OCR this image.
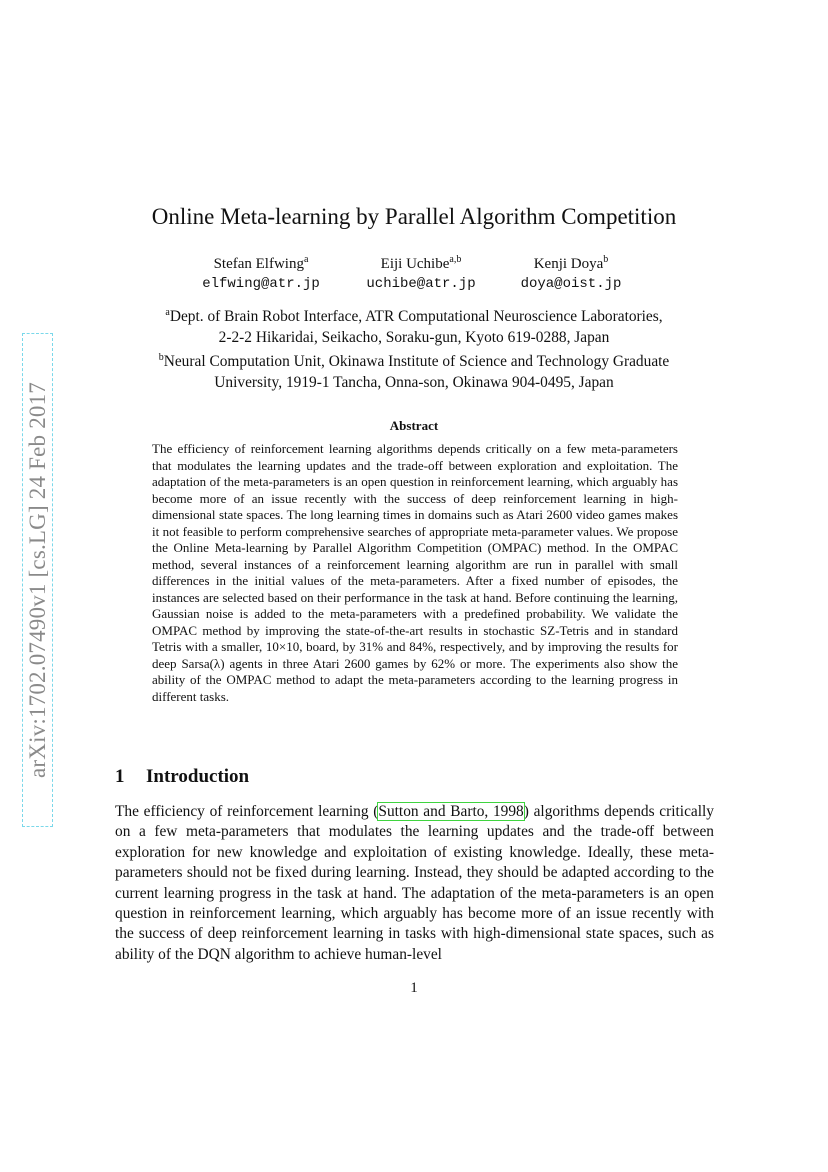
arXiv:1702.07490v1 [cs.LG] 24 Feb 2017
Online Meta-learning by Parallel Algorithm Competition
Stefan Elfwing$^a$
elfwing@atr.jp
Eiji Uchibe$^{a,b}$
uchibe@atr.jp
Kenji Doya$^b$
doya@oist.jp
$^a$Dept. of Brain Robot Interface, ATR Computational Neuroscience Laboratories,
2-2-2 Hikaridai, Seikacho, Soraku-gun, Kyoto 619-0288, Japan
$^b$Neural Computation Unit, Okinawa Institute of Science and Technology Graduate
University, 1919-1 Tancha, Onna-son, Okinawa 904-0495, Japan
Abstract
The efficiency of reinforcement learning algorithms depends critically on a few meta-parameters that modulates the learning updates and the trade-off between exploration and exploitation. The adaptation of the meta-parameters is an open question in reinforcement learning, which arguably has become more of an issue recently with the success of deep reinforcement learning in high-dimensional state spaces. The long learning times in domains such as Atari 2600 video games makes it not feasible to perform comprehensive searches of appropriate meta-parameter values. We propose the Online Meta-learning by Parallel Algorithm Competition (OMPAC) method. In the OMPAC method, several instances of a reinforcement learning algorithm are run in parallel with small differences in the initial values of the meta-parameters. After a fixed number of episodes, the instances are selected based on their performance in the task at hand. Before continuing the learning, Gaussian noise is added to the meta-parameters with a predefined probability. We validate the OMPAC method by improving the state-of-the-art results in stochastic SZ-Tetris and in standard Tetris with a smaller, 10×10, board, by 31% and 84%, respectively, and by improving the results for deep Sarsa(λ) agents in three Atari 2600 games by 62% or more. The experiments also show the ability of the OMPAC method to adapt the meta-parameters according to the learning progress in different tasks.
1 Introduction
The efficiency of reinforcement learning (Sutton and Barto, 1998) algorithms depends critically on a few meta-parameters that modulates the learning updates and the trade-off between exploration for new knowledge and exploitation of existing knowledge. Ideally, these meta-parameters should not be fixed during learning. Instead, they should be adapted according to the current learning progress in the task at hand. The adaptation of the meta-parameters is an open question in reinforcement learning, which arguably has become more of an issue recently with the success of deep reinforcement learning in tasks with high-dimensional state spaces, such as ability of the DQN algorithm to achieve human-level
1
